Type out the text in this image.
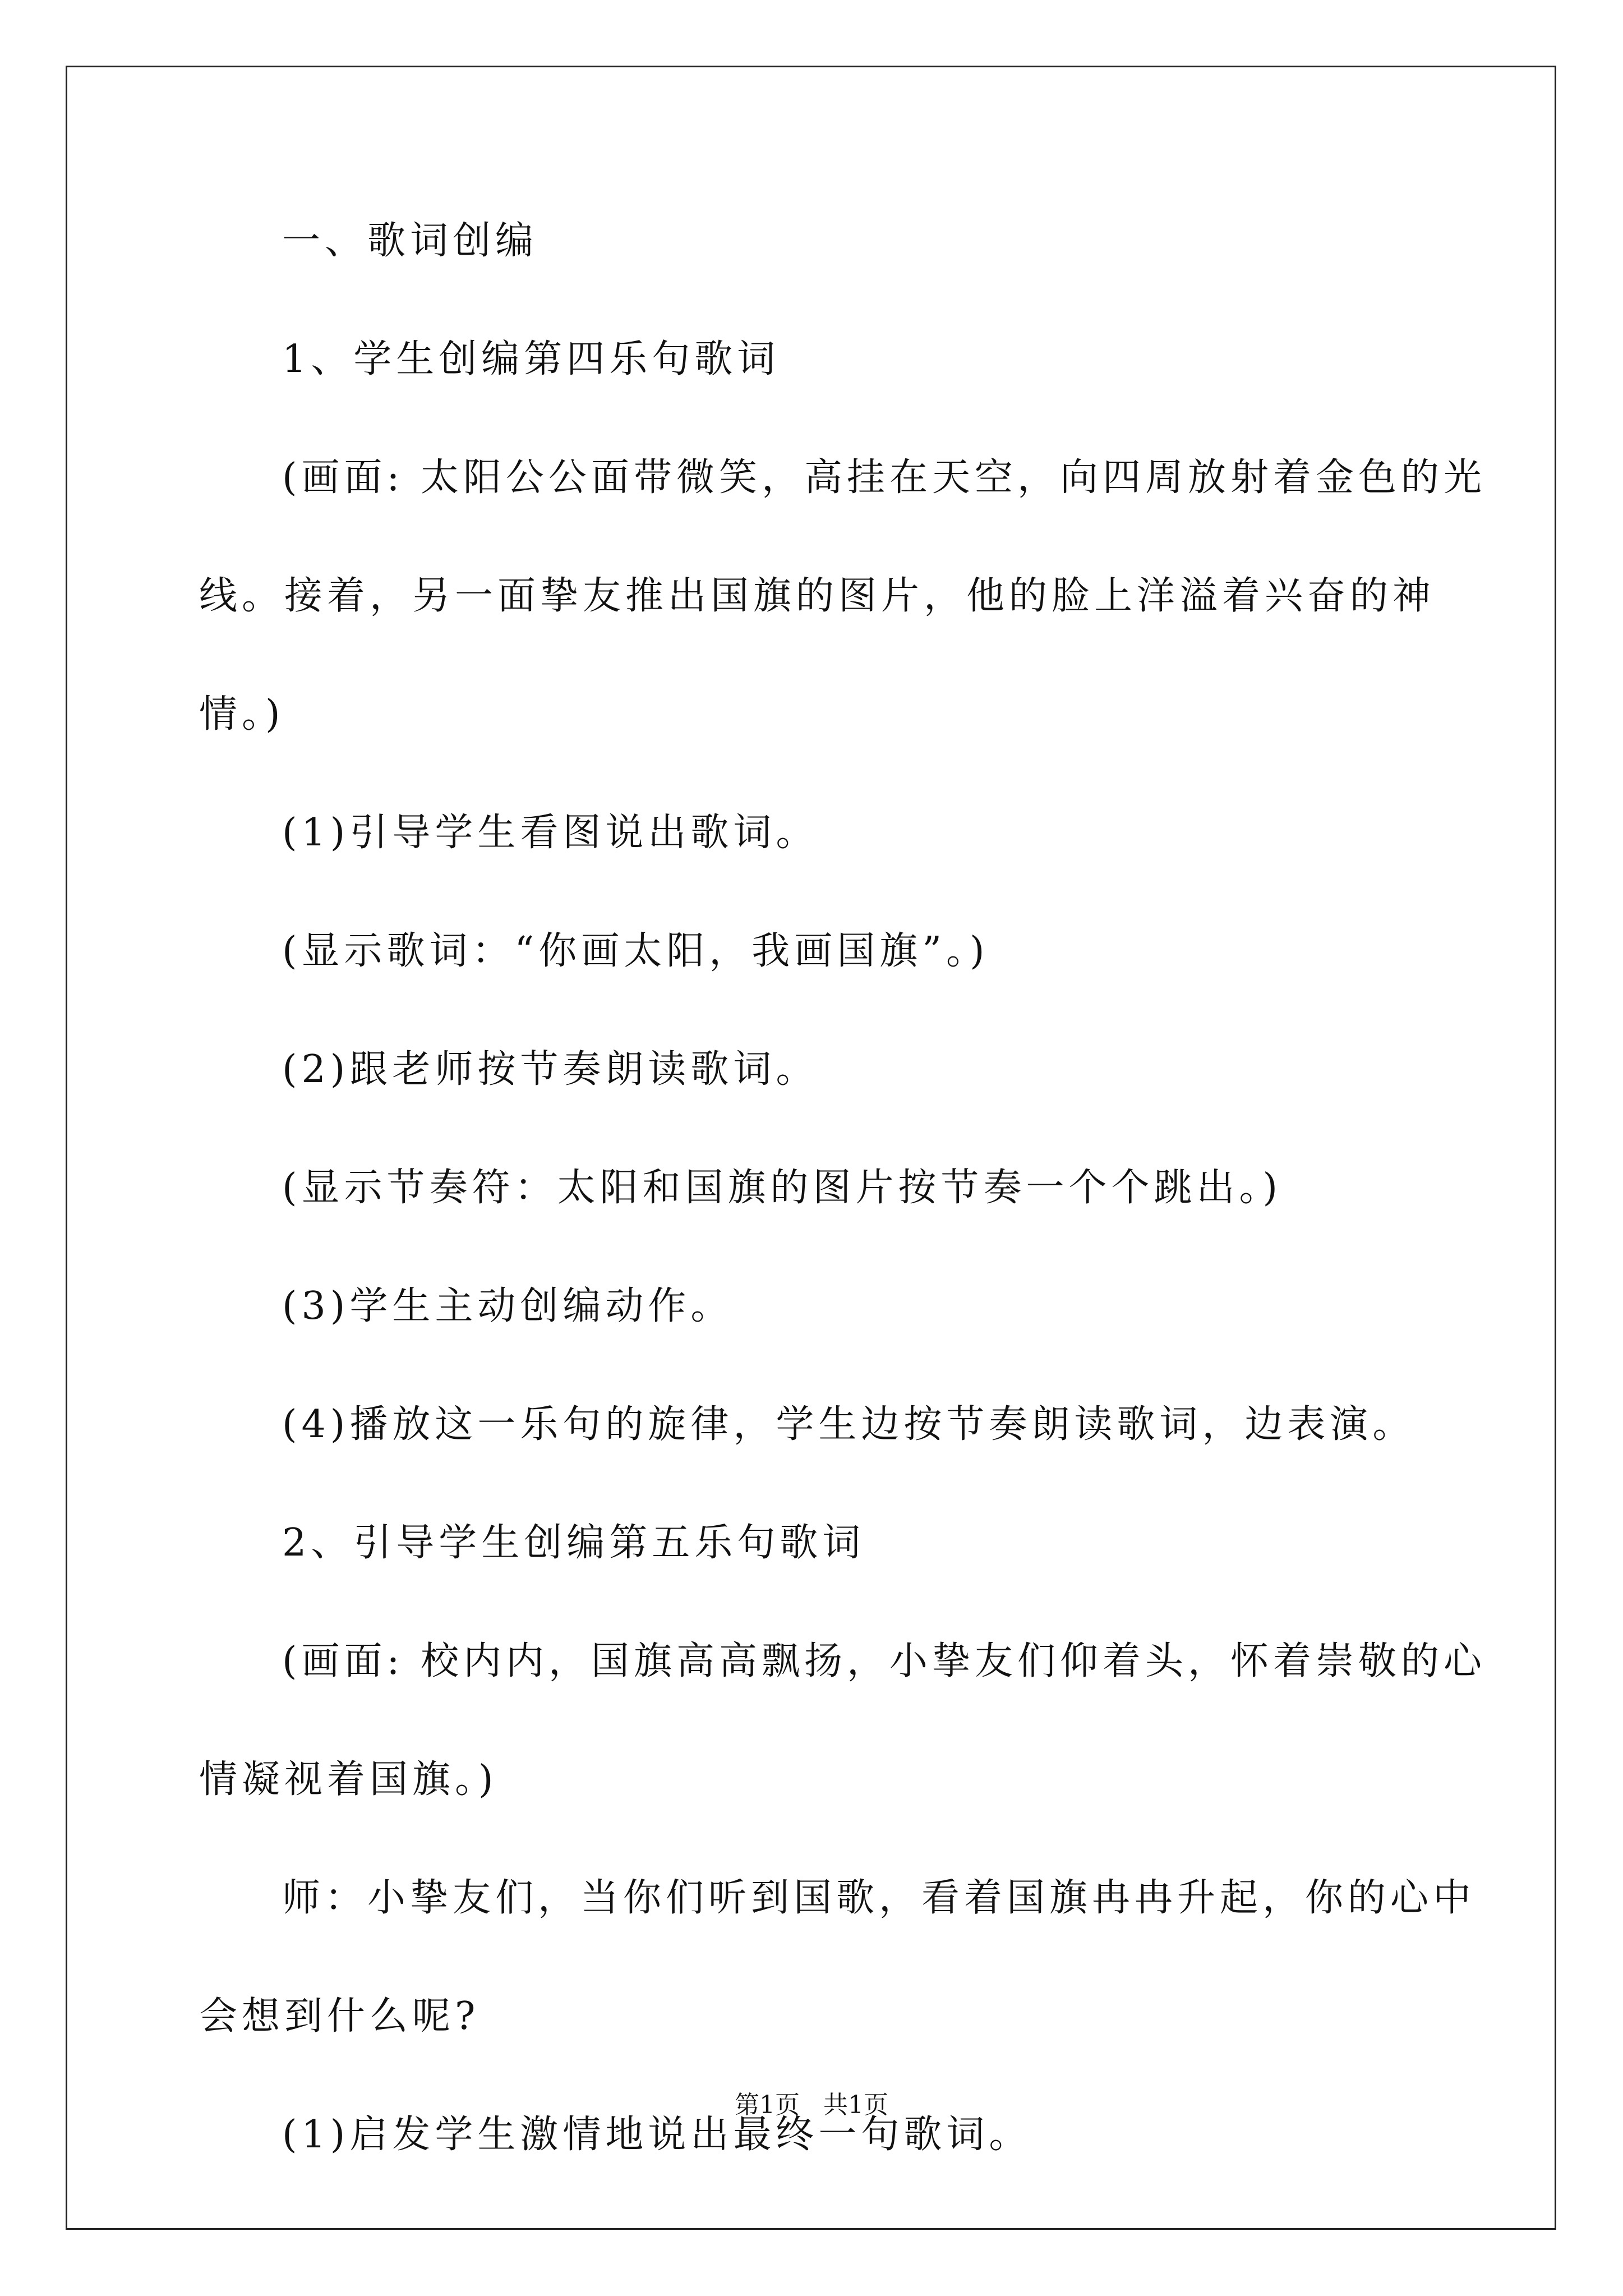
一、歌词创编

1、学生创编第四乐句歌词

(画面: 太阳公公面带微笑，高挂在天空，向四周放射着金色的光
线。接着，另一面挚友推出国旗的图片，他的脸上洋溢着兴奋的神
情。)

(1)引导学生看图说出歌词。

(显示歌词：“你画太阳，我画国旗”。)

(2)跟老师按节奏朗读歌词。

(显示节奏符：太阳和国旗的图片按节奏一个个跳出。)

(3)学生主动创编动作。

(4)播放这一乐句的旋律，学生边按节奏朗读歌词，边表演。

2、引导学生创编第五乐句歌词

(画面: 校内内，国旗高高飘扬，小挚友们仰着头，怀着崇敬的心
情凝视着国旗。)
师：小挚友们，当你们听到国歌，看着国旗冉冉升起，你的心中
会想到什么呢?

(1)启发学生激情地说出最终一句歌词。

第1页 共1页
